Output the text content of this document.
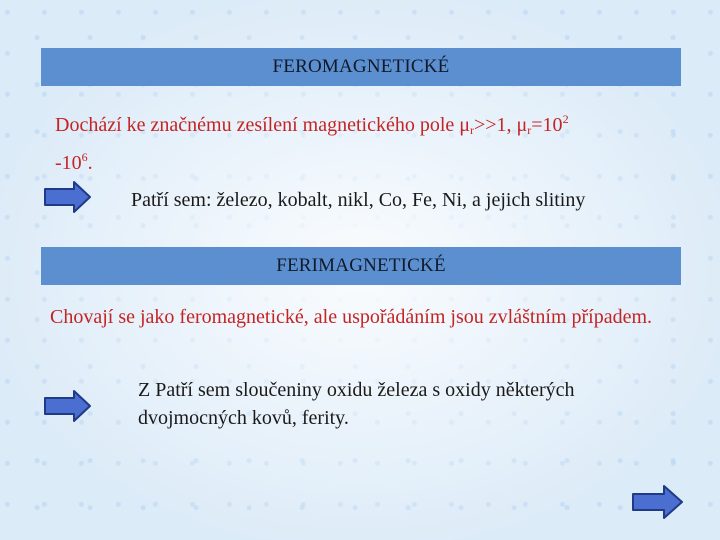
FEROMAGNETICKÉ
Dochází ke značnému zesílení magnetického pole $\mu_r>>1$, $\mu_r=10^2$
$-10^6$.
Patří sem: železo, kobalt, nikl, Co, Fe, Ni, a jejich slitiny
FERIMAGNETICKÉ
Chovají se jako feromagnetické, ale uspořádáním jsou zvláštním případem.
Z Patří sem sloučeniny oxidu železa s oxidy některých dvojmocných kovů, ferity.
